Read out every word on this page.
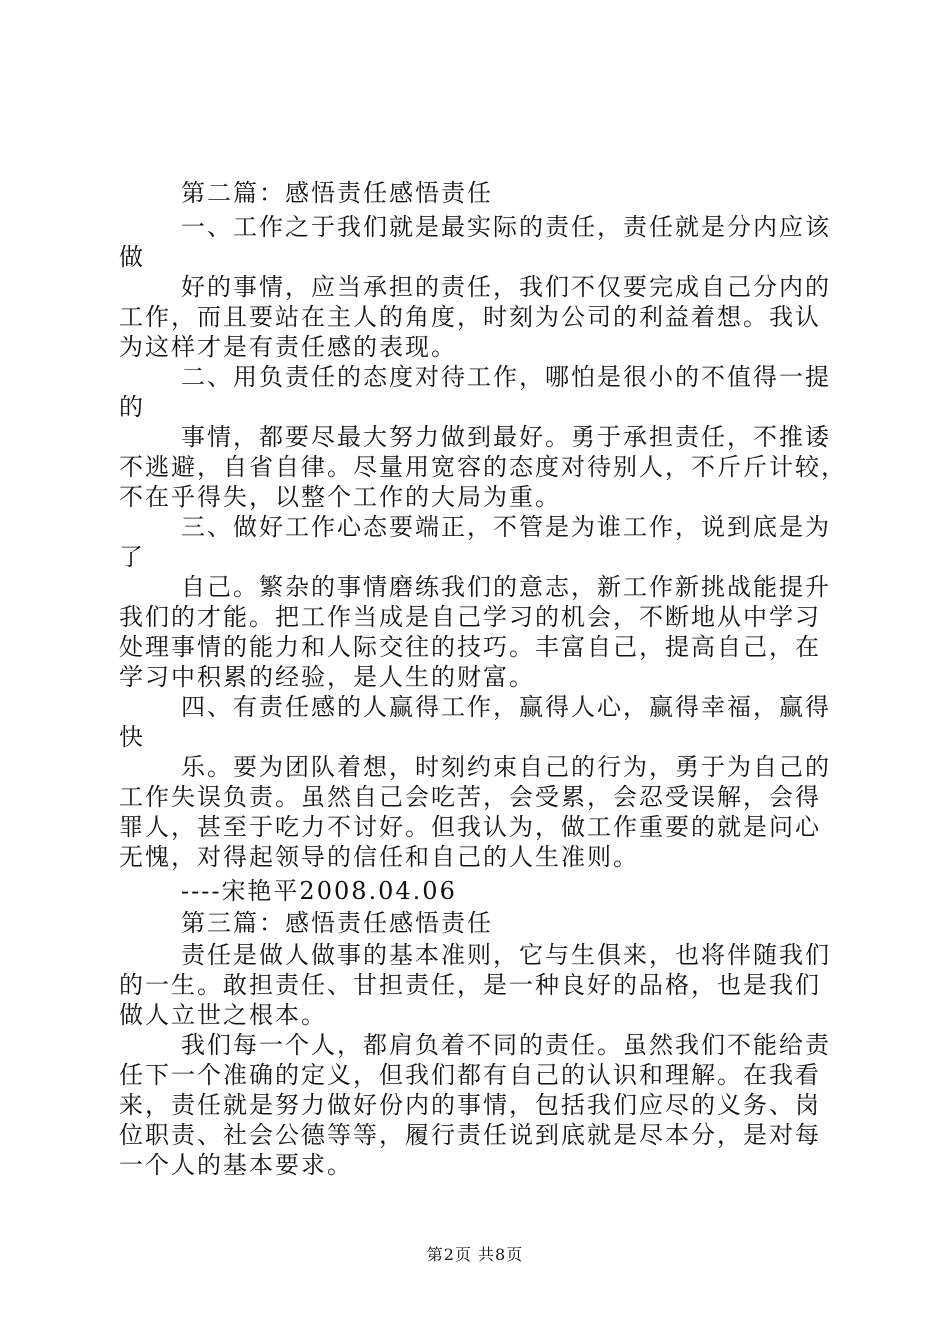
第二篇：感悟责任感悟责任
一、工作之于我们就是最实际的责任，责任就是分内应该
做
好的事情，应当承担的责任，我们不仅要完成自己分内的
工作，而且要站在主人的角度，时刻为公司的利益着想。我认
为这样才是有责任感的表现。
二、用负责任的态度对待工作，哪怕是很小的不值得一提
的
事情，都要尽最大努力做到最好。勇于承担责任，不推诿
不逃避，自省自律。尽量用宽容的态度对待别人，不斤斤计较，
不在乎得失，以整个工作的大局为重。
三、做好工作心态要端正，不管是为谁工作，说到底是为
了
自己。繁杂的事情磨练我们的意志，新工作新挑战能提升
我们的才能。把工作当成是自己学习的机会，不断地从中学习
处理事情的能力和人际交往的技巧。丰富自己，提高自己，在
学习中积累的经验，是人生的财富。
四、有责任感的人赢得工作，赢得人心，赢得幸福，赢得
快
乐。要为团队着想，时刻约束自己的行为，勇于为自己的
工作失误负责。虽然自己会吃苦，会受累，会忍受误解，会得
罪人，甚至于吃力不讨好。但我认为，做工作重要的就是问心
无愧，对得起领导的信任和自己的人生准则。
----宋艳平2008.04.06
第三篇：感悟责任感悟责任
责任是做人做事的基本准则，它与生俱来，也将伴随我们
的一生。敢担责任、甘担责任，是一种良好的品格，也是我们
做人立世之根本。
我们每一个人，都肩负着不同的责任。虽然我们不能给责
任下一个准确的定义，但我们都有自己的认识和理解。在我看
来，责任就是努力做好份内的事情，包括我们应尽的义务、岗
位职责、社会公德等等，履行责任说到底就是尽本分，是对每
一个人的基本要求。
第2页 共8页
